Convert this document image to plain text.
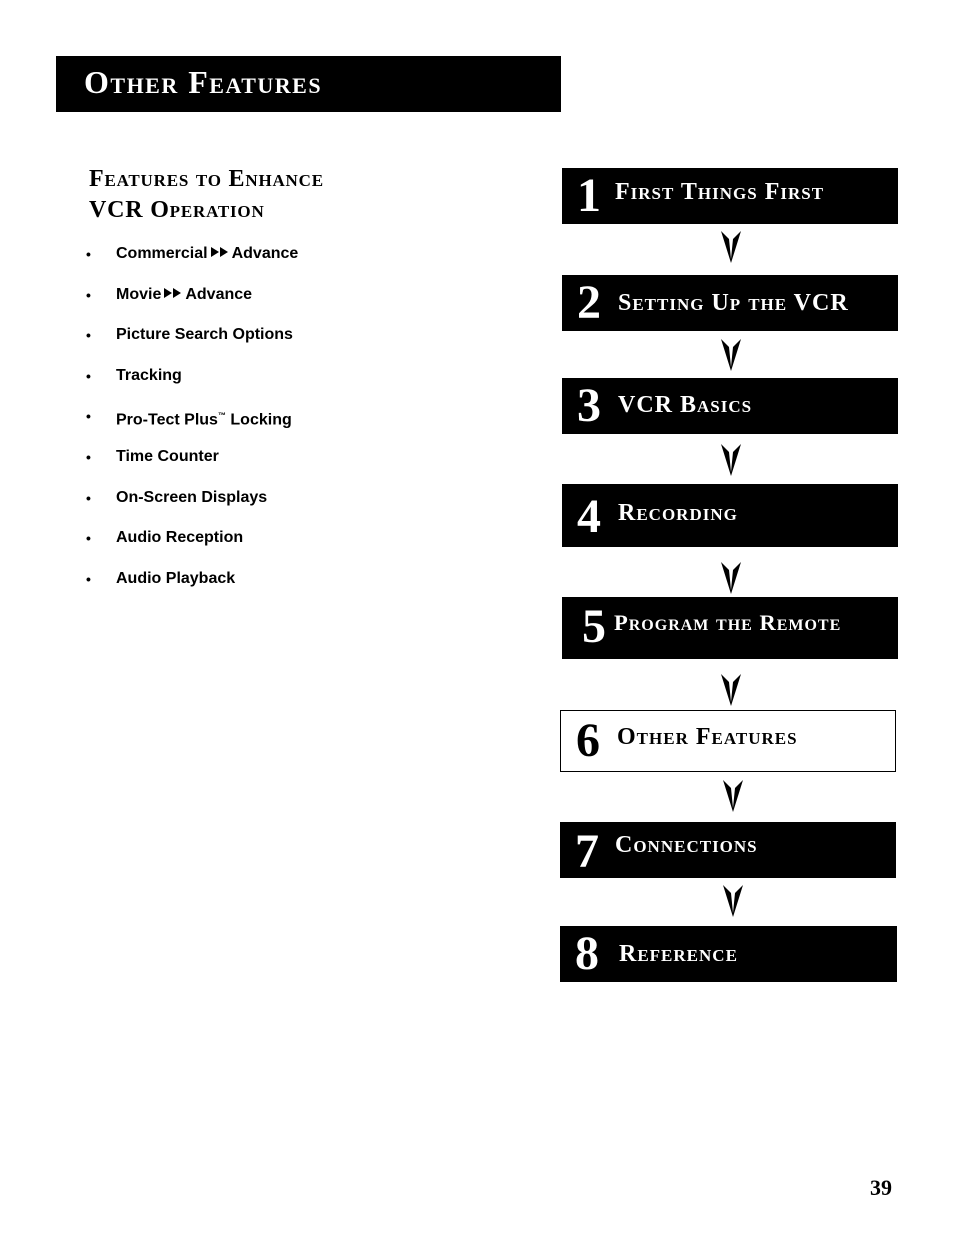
Other Features
Features to Enhance
VCR Operation
• Commercial Advance
• Movie Advance
• Picture Search Options
• Tracking
• Pro-Tect Plus™ Locking
• Time Counter
• On-Screen Displays
• Audio Reception
• Audio Playback
1 First Things First
2 Setting Up the VCR
3 VCR Basics
4 Recording
5 Program the Remote
6 Other Features
7 Connections
8 Reference
39
